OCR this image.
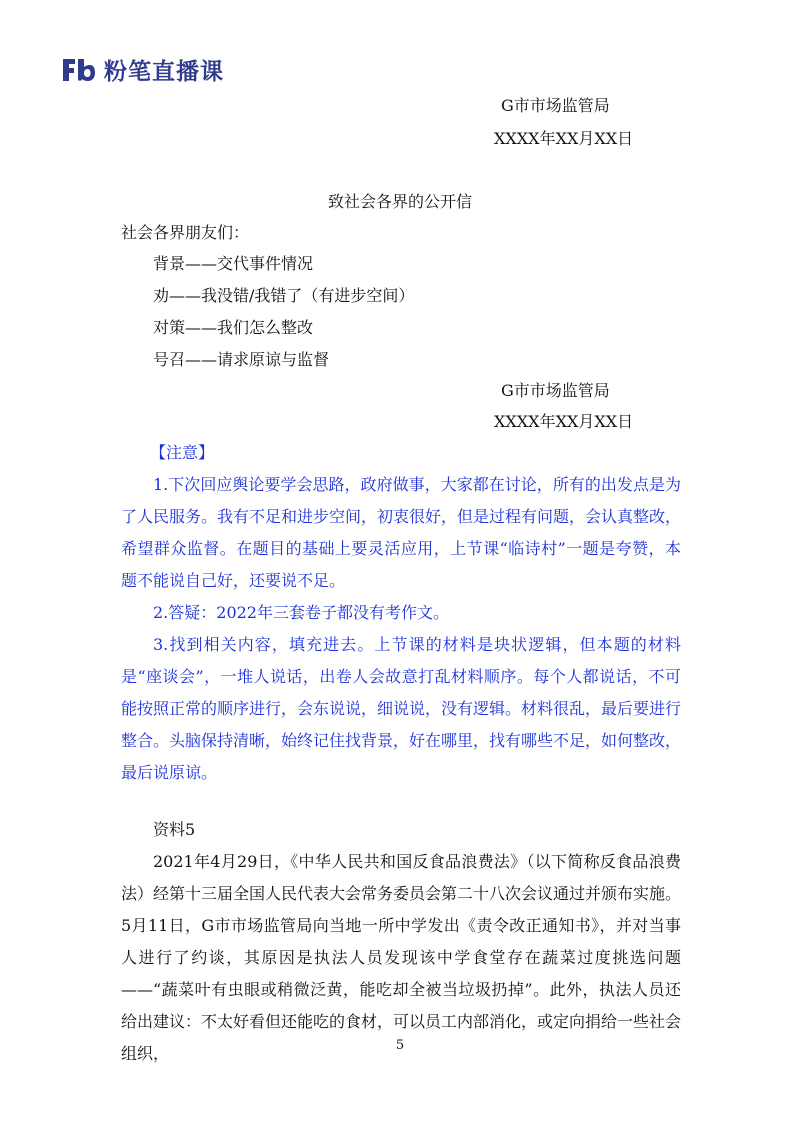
粉笔直播课
G市市场监管局
XXXX年XX月XX日
致社会各界的公开信
社会各界朋友们：
背景——交代事件情况
劝——我没错/我错了（有进步空间）
对策——我们怎么整改
号召——请求原谅与监督
G市市场监管局
XXXX年XX月XX日
【注意】
1.下次回应舆论要学会思路，政府做事，大家都在讨论，所有的出发点是为了人民服务。我有不足和进步空间，初衷很好，但是过程有问题，会认真整改，希望群众监督。在题目的基础上要灵活应用，上节课“临诗村”一题是夸赞，本题不能说自己好，还要说不足。
2.答疑：2022年三套卷子都没有考作文。
3.找到相关内容，填充进去。上节课的材料是块状逻辑，但本题的材料是“座谈会”，一堆人说话，出卷人会故意打乱材料顺序。每个人都说话，不可能按照正常的顺序进行，会东说说，细说说，没有逻辑。材料很乱，最后要进行整合。头脑保持清晰，始终记住找背景，好在哪里，找有哪些不足，如何整改，最后说原谅。
资料5
2021年4月29日，《中华人民共和国反食品浪费法》（以下简称反食品浪费法）经第十三届全国人民代表大会常务委员会第二十八次会议通过并颁布实施。5月11日，G市市场监管局向当地一所中学发出《责令改正通知书》，并对当事人进行了约谈，其原因是执法人员发现该中学食堂存在蔬菜过度挑选问题——“蔬菜叶有虫眼或稍微泛黄，能吃却全被当垃圾扔掉”。此外，执法人员还给出建议：不太好看但还能吃的食材，可以员工内部消化，或定向捐给一些社会组织，	5
